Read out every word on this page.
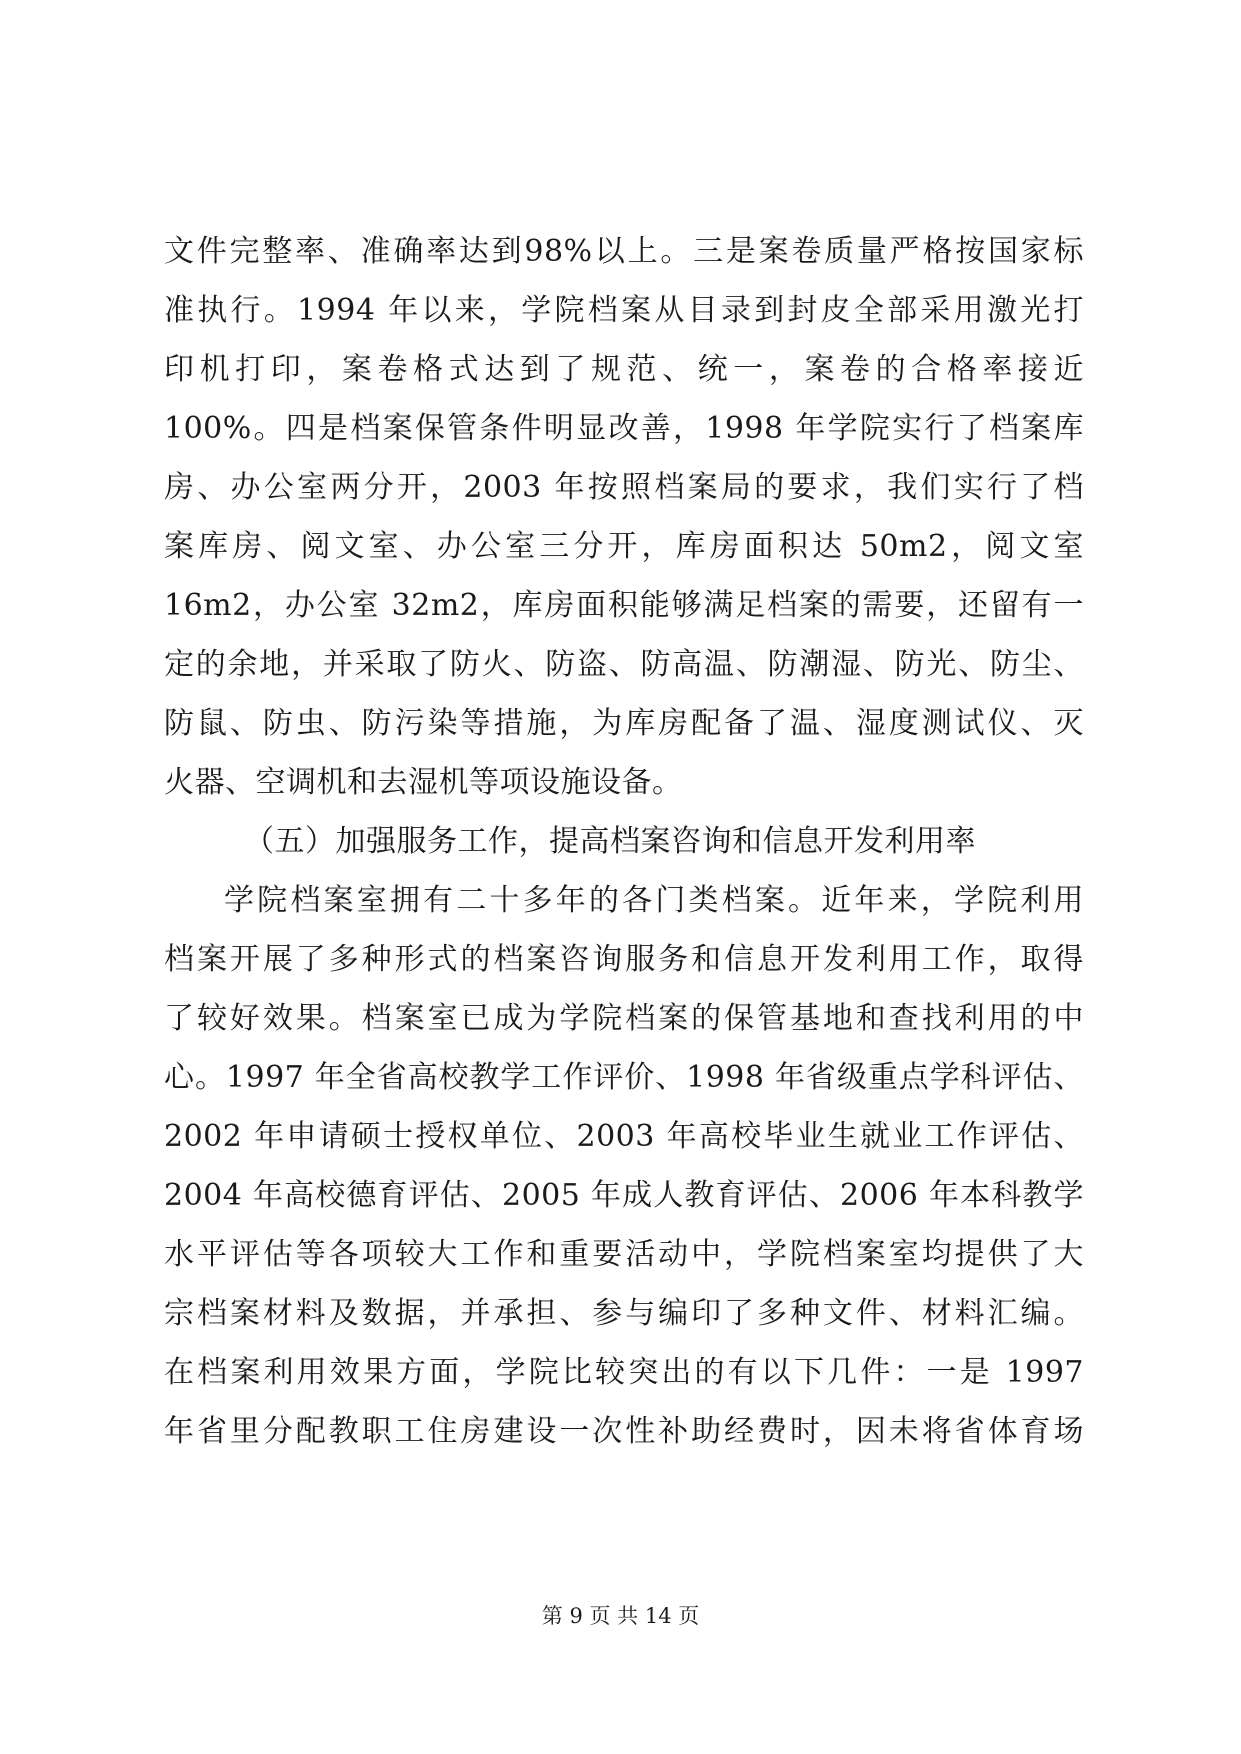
文件完整率、准确率达到98%以上。三是案卷质量严格按国家标
准执行。1994 年以来，学院档案从目录到封皮全部采用激光打
印机打印，案卷格式达到了规范、统一，案卷的合格率接近
100%。四是档案保管条件明显改善，1998 年学院实行了档案库
房、办公室两分开，2003 年按照档案局的要求，我们实行了档
案库房、阅文室、办公室三分开，库房面积达 50m2，阅文室
16m2，办公室 32m2，库房面积能够满足档案的需要，还留有一
定的余地，并采取了防火、防盗、防高温、防潮湿、防光、防尘、
防鼠、防虫、防污染等措施，为库房配备了温、湿度测试仪、灭
火器、空调机和去湿机等项设施设备。
（五）加强服务工作，提高档案咨询和信息开发利用率
学院档案室拥有二十多年的各门类档案。近年来，学院利用
档案开展了多种形式的档案咨询服务和信息开发利用工作，取得
了较好效果。档案室已成为学院档案的保管基地和查找利用的中
心。1997 年全省高校教学工作评价、1998 年省级重点学科评估、
2002 年申请硕士授权单位、2003 年高校毕业生就业工作评估、
2004 年高校德育评估、2005 年成人教育评估、2006 年本科教学
水平评估等各项较大工作和重要活动中，学院档案室均提供了大
宗档案材料及数据，并承担、参与编印了多种文件、材料汇编。
在档案利用效果方面，学院比较突出的有以下几件：一是 1997
年省里分配教职工住房建设一次性补助经费时，因未将省体育场
第 9 页 共 14 页
